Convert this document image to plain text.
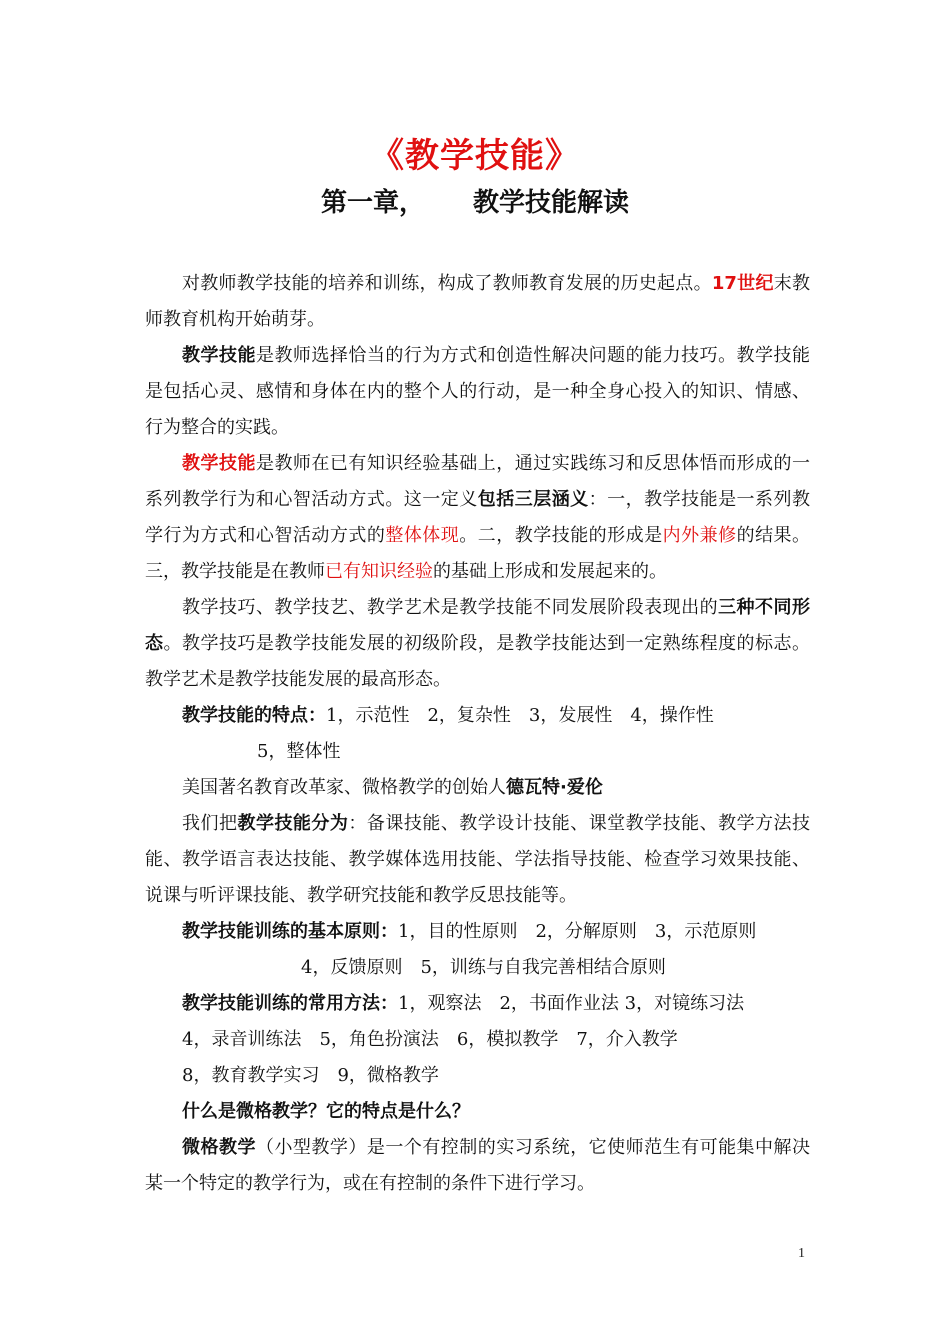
《教学技能》
第一章， 教学技能解读

对教师教学技能的培养和训练，构成了教师教育发展的历史起点。17世纪末教师教育机构开始萌芽。

教学技能是教师选择恰当的行为方式和创造性解决问题的能力技巧。教学技能是包括心灵、感情和身体在内的整个人的行动，是一种全身心投入的知识、情感、行为整合的实践。

教学技能是教师在已有知识经验基础上，通过实践练习和反思体悟而形成的一系列教学行为和心智活动方式。这一定义包括三层涵义：一，教学技能是一系列教学行为方式和心智活动方式的整体体现。二，教学技能的形成是内外兼修的结果。三，教学技能是在教师已有知识经验的基础上形成和发展起来的。

教学技巧、教学技艺、教学艺术是教学技能不同发展阶段表现出的三种不同形态。教学技巧是教学技能发展的初级阶段，是教学技能达到一定熟练程度的标志。教学艺术是教学技能发展的最高形态。

教学技能的特点：1，示范性　2，复杂性　3，发展性　4，操作性

5，整体性

美国著名教育改革家、微格教学的创始人德瓦特·爱伦

我们把教学技能分为：备课技能、教学设计技能、课堂教学技能、教学方法技能、教学语言表达技能、教学媒体选用技能、学法指导技能、检查学习效果技能、说课与听评课技能、教学研究技能和教学反思技能等。

教学技能训练的基本原则：1，目的性原则　2，分解原则　3，示范原则

4，反馈原则　5，训练与自我完善相结合原则

教学技能训练的常用方法：1，观察法　2，书面作业法 3，对镜练习法

4，录音训练法　5，角色扮演法　6，模拟教学　7，介入教学

8，教育教学实习　9，微格教学

什么是微格教学？它的特点是什么？

微格教学（小型教学）是一个有控制的实习系统，它使师范生有可能集中解决某一个特定的教学行为，或在有控制的条件下进行学习。

1
